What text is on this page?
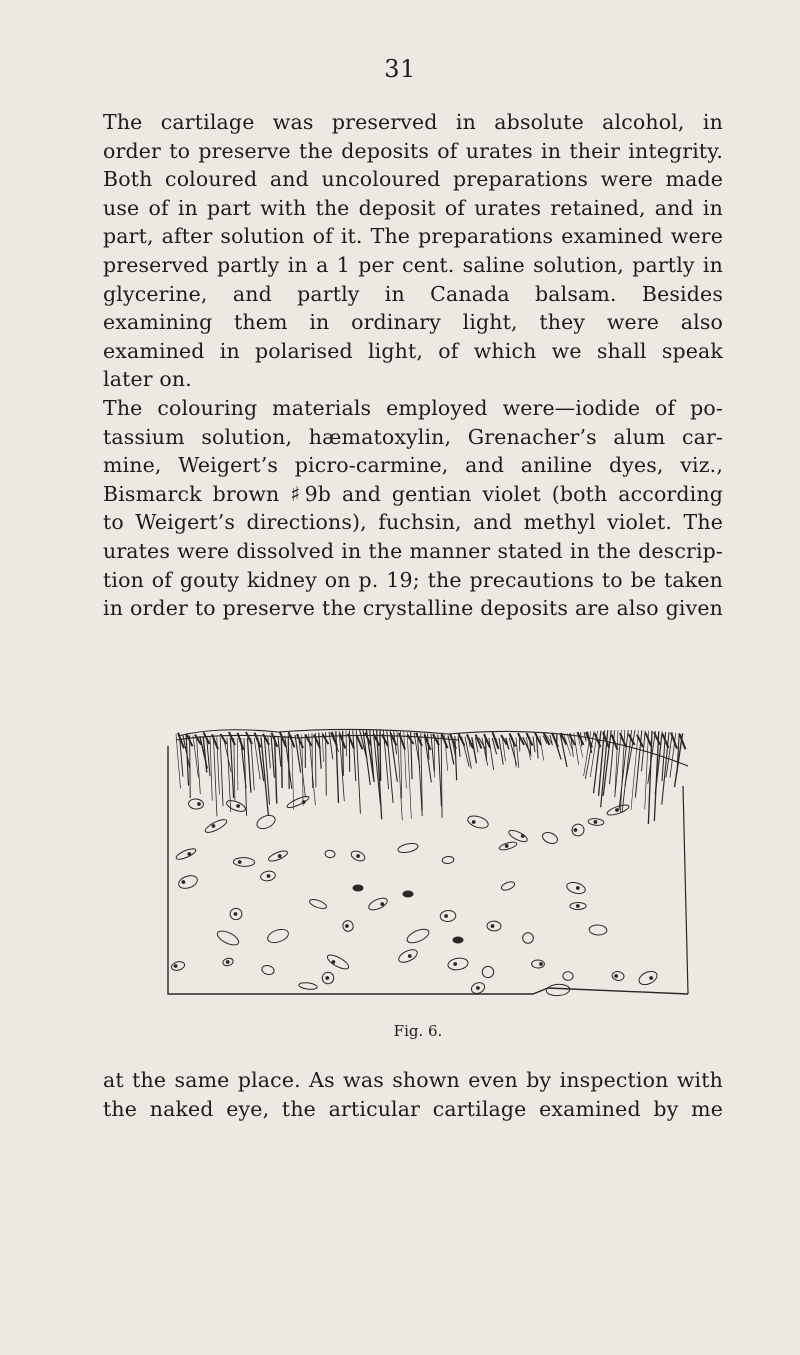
31
The cartilage was preserved in absolute alcohol, in
order to preserve the deposits of urates in their integrity.
Both coloured and uncoloured preparations were made
use of in part with the deposit of urates retained, and in
part, after solution of it. The preparations examined were
preserved partly in a 1 per cent. saline solution, partly in
glycerine, and partly in Canada balsam. Besides
examining them in ordinary light, they were also
examined in polarised light, of which we shall speak
later on.
The colouring materials employed were—iodide of po-
tassium solution, hæmatoxylin, Grenacher’s alum car-
mine, Weigert’s picro-carmine, and aniline dyes, viz.,
Bismarck brown ♯9b and gentian violet (both according
to Weigert’s directions), fuchsin, and methyl violet. The
urates were dissolved in the manner stated in the descrip-
tion of gouty kidney on p. 19; the precautions to be taken
in order to preserve the crystalline deposits are also given
Fig. 6.
at the same place. As was shown even by inspection with
the naked eye, the articular cartilage examined by me
